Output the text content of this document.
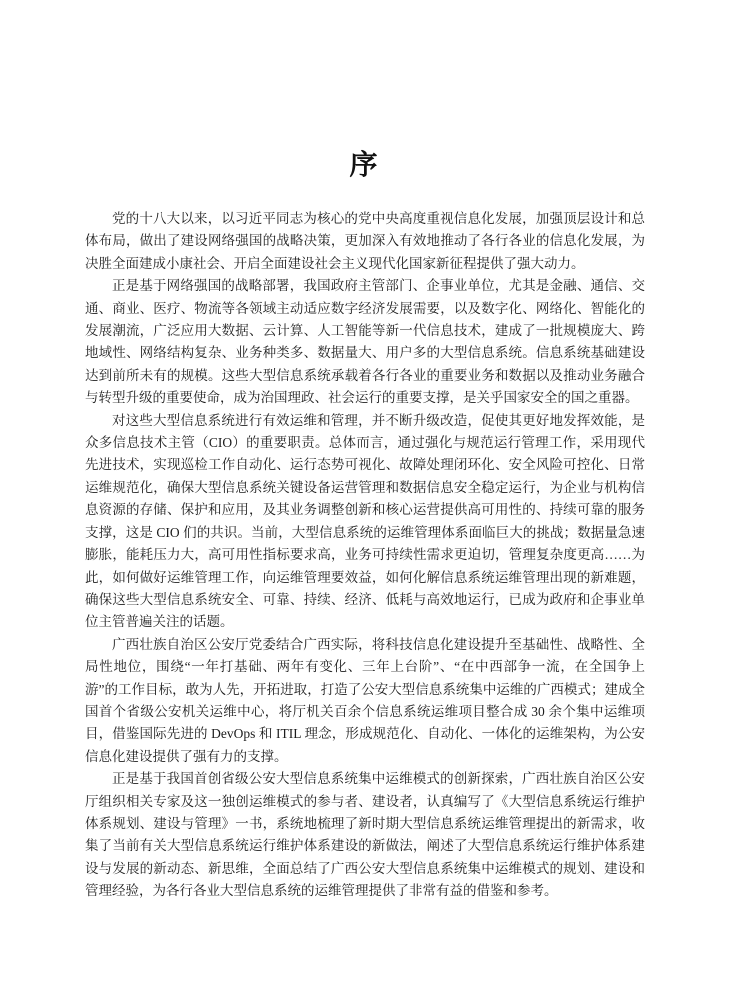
序

党的十八大以来，以习近平同志为核心的党中央高度重视信息化发展，加强顶层设计和总体布局，做出了建设网络强国的战略决策，更加深入有效地推动了各行各业的信息化发展，为决胜全面建成小康社会、开启全面建设社会主义现代化国家新征程提供了强大动力。

正是基于网络强国的战略部署，我国政府主管部门、企事业单位，尤其是金融、通信、交通、商业、医疗、物流等各领域主动适应数字经济发展需要，以及数字化、网络化、智能化的发展潮流，广泛应用大数据、云计算、人工智能等新一代信息技术，建成了一批规模庞大、跨地域性、网络结构复杂、业务种类多、数据量大、用户多的大型信息系统。信息系统基础建设达到前所未有的规模。这些大型信息系统承载着各行各业的重要业务和数据以及推动业务融合与转型升级的重要使命，成为治国理政、社会运行的重要支撑，是关乎国家安全的国之重器。

对这些大型信息系统进行有效运维和管理，并不断升级改造，促使其更好地发挥效能，是众多信息技术主管（CIO）的重要职责。总体而言，通过强化与规范运行管理工作，采用现代先进技术，实现巡检工作自动化、运行态势可视化、故障处理闭环化、安全风险可控化、日常运维规范化，确保大型信息系统关键设备运营管理和数据信息安全稳定运行，为企业与机构信息资源的存储、保护和应用，及其业务调整创新和核心运营提供高可用性的、持续可靠的服务支撑，这是 CIO 们的共识。当前，大型信息系统的运维管理体系面临巨大的挑战；数据量急速膨胀，能耗压力大，高可用性指标要求高，业务可持续性需求更迫切，管理复杂度更高……为此，如何做好运维管理工作，向运维管理要效益，如何化解信息系统运维管理出现的新难题，确保这些大型信息系统安全、可靠、持续、经济、低耗与高效地运行，已成为政府和企事业单位主管普遍关注的话题。

广西壮族自治区公安厅党委结合广西实际，将科技信息化建设提升至基础性、战略性、全局性地位，围绕“一年打基础、两年有变化、三年上台阶”、“在中西部争一流，在全国争上游”的工作目标，敢为人先，开拓进取，打造了公安大型信息系统集中运维的广西模式；建成全国首个省级公安机关运维中心，将厅机关百余个信息系统运维项目整合成 30 余个集中运维项目，借鉴国际先进的 DevOps 和 ITIL 理念，形成规范化、自动化、一体化的运维架构，为公安信息化建设提供了强有力的支撑。

正是基于我国首创省级公安大型信息系统集中运维模式的创新探索，广西壮族自治区公安厅组织相关专家及这一独创运维模式的参与者、建设者，认真编写了《大型信息系统运行维护体系规划、建设与管理》一书，系统地梳理了新时期大型信息系统运维管理提出的新需求，收集了当前有关大型信息系统运行维护体系建设的新做法，阐述了大型信息系统运行维护体系建设与发展的新动态、新思维，全面总结了广西公安大型信息系统集中运维模式的规划、建设和管理经验，为各行各业大型信息系统的运维管理提供了非常有益的借鉴和参考。
